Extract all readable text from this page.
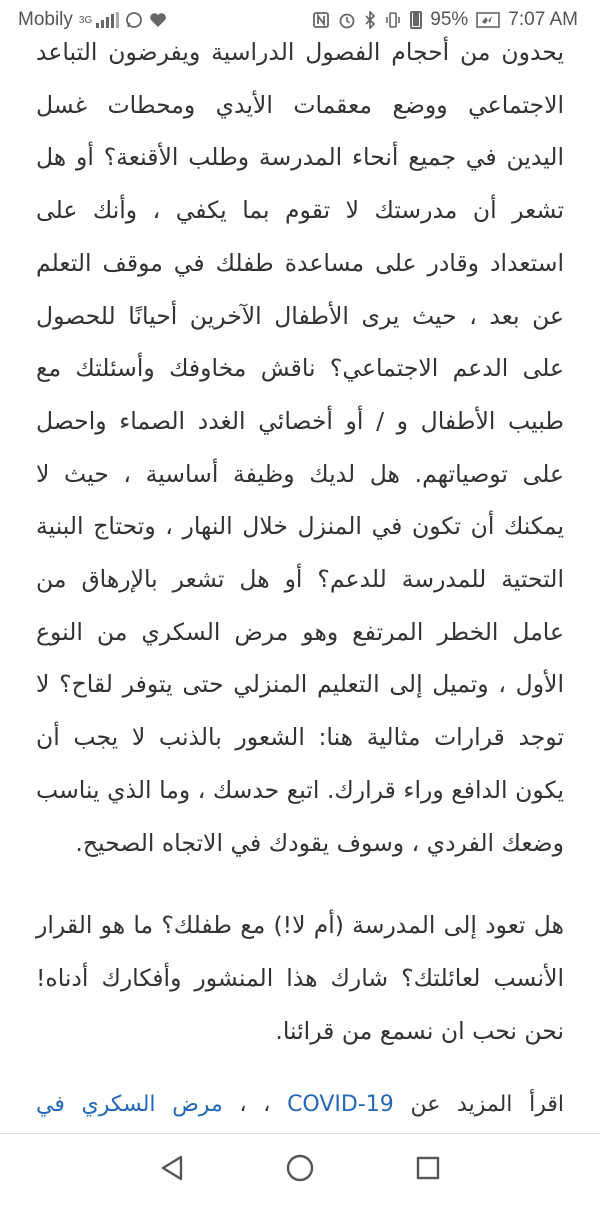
Mobily 3G	95% 7:07 AM

يحدون من أحجام الفصول الدراسية ويفرضون التباعد الاجتماعي ووضع معقمات الأيدي ومحطات غسل اليدين في جميع أنحاء المدرسة وطلب الأقنعة؟ أو هل تشعر أن مدرستك لا تقوم بما يكفي ، وأنك على استعداد وقادر على مساعدة طفلك في موقف التعلم عن بعد ، حيث يرى الأطفال الآخرين أحيانًا للحصول على الدعم الاجتماعي؟ ناقش مخاوفك وأسئلتك مع طبيب الأطفال و / أو أخصائي الغدد الصماء واحصل على توصياتهم. هل لديك وظيفة أساسية ، حيث لا يمكنك أن تكون في المنزل خلال النهار ، وتحتاج البنية التحتية للمدرسة للدعم؟ أو هل تشعر بالإرهاق من عامل الخطر المرتفع وهو مرض السكري من النوع الأول ، وتميل إلى التعليم المنزلي حتى يتوفر لقاح؟ لا توجد قرارات مثالية هنا: الشعور بالذنب لا يجب أن يكون الدافع وراء قرارك. اتبع حدسك ، وما الذي يناسب وضعك الفردي ، وسوف يقودك في الاتجاه الصحيح.

هل تعود إلى المدرسة (أم لا!) مع طفلك؟ ما هو القرار الأنسب لعائلتك؟ شارك هذا المنشور وأفكارك أدناه! نحن نحب ان نسمع من قرائنا.

اقرأ المزيد عن COVID-19 ، ، مرض السكري في
